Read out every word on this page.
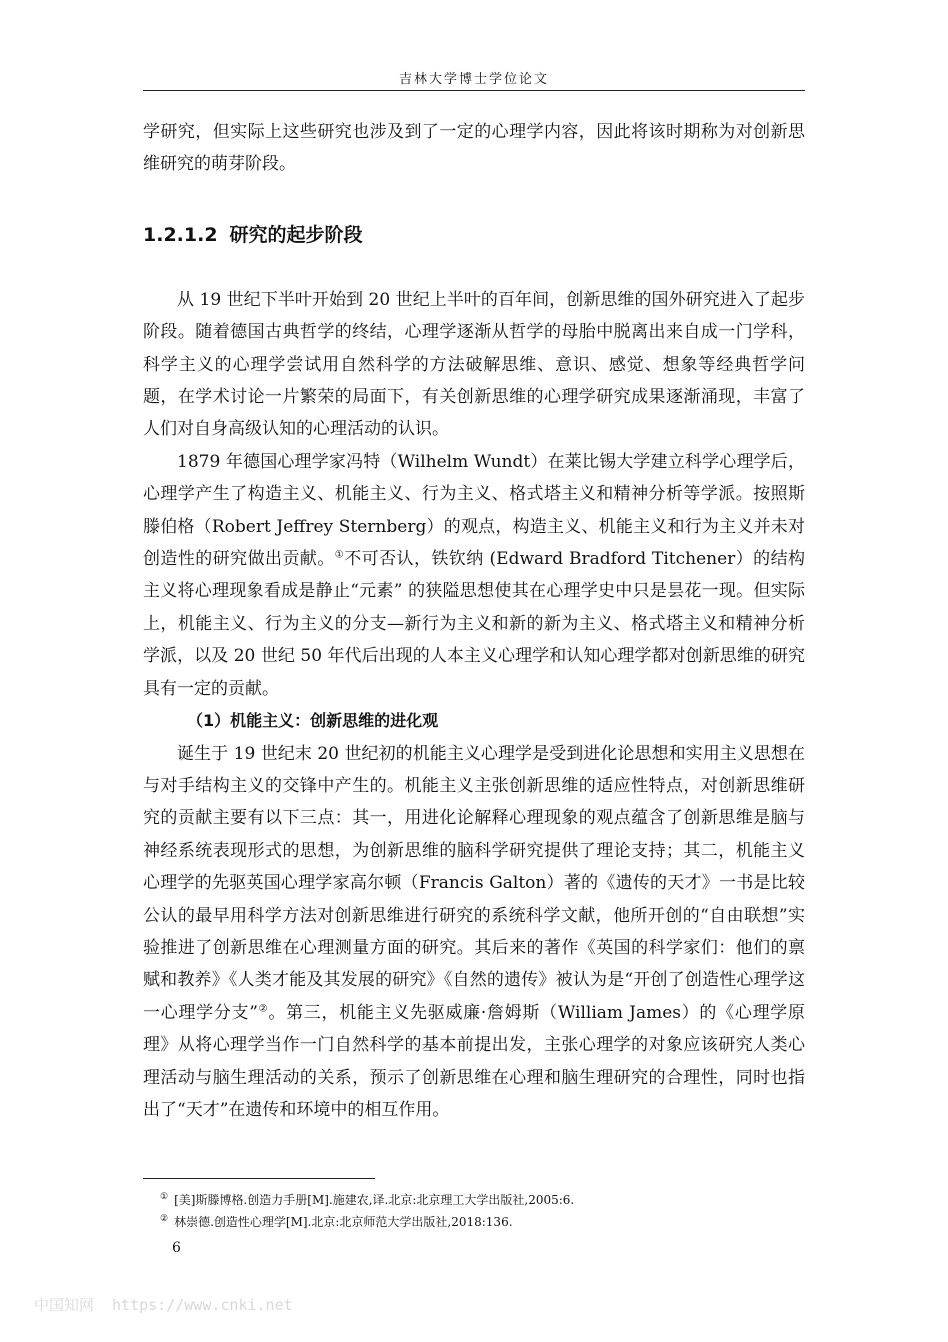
吉林大学博士学位论文

学研究，但实际上这些研究也涉及到了一定的心理学内容，因此将该时期称为对创新思维研究的萌芽阶段。

1.2.1.2 研究的起步阶段

从 19 世纪下半叶开始到 20 世纪上半叶的百年间，创新思维的国外研究进入了起步阶段。随着德国古典哲学的终结，心理学逐渐从哲学的母胎中脱离出来自成一门学科，科学主义的心理学尝试用自然科学的方法破解思维、意识、感觉、想象等经典哲学问题，在学术讨论一片繁荣的局面下，有关创新思维的心理学研究成果逐渐涌现，丰富了人们对自身高级认知的心理活动的认识。

1879 年德国心理学家冯特（Wilhelm Wundt）在莱比锡大学建立科学心理学后，心理学产生了构造主义、机能主义、行为主义、格式塔主义和精神分析等学派。按照斯滕伯格（Robert Jeffrey Sternberg）的观点，构造主义、机能主义和行为主义并未对创造性的研究做出贡献。①不可否认，铁钦纳 (Edward Bradford Titchener）的结构主义将心理现象看成是静止“元素” 的狭隘思想使其在心理学史中只是昙花一现。但实际上，机能主义、行为主义的分支—新行为主义和新的新为主义、格式塔主义和精神分析学派，以及 20 世纪 50 年代后出现的人本主义心理学和认知心理学都对创新思维的研究具有一定的贡献。

（1）机能主义：创新思维的进化观

诞生于 19 世纪末 20 世纪初的机能主义心理学是受到进化论思想和实用主义思想在与对手结构主义的交锋中产生的。机能主义主张创新思维的适应性特点，对创新思维研究的贡献主要有以下三点：其一，用进化论解释心理现象的观点蕴含了创新思维是脑与神经系统表现形式的思想，为创新思维的脑科学研究提供了理论支持；其二，机能主义心理学的先驱英国心理学家高尔顿（Francis Galton）著的《遗传的天才》一书是比较公认的最早用科学方法对创新思维进行研究的系统科学文献，他所开创的“自由联想”实验推进了创新思维在心理测量方面的研究。其后来的著作《英国的科学家们：他们的禀赋和教养》《人类才能及其发展的研究》《自然的遗传》被认为是“开创了创造性心理学这一心理学分支”②。第三，机能主义先驱威廉·詹姆斯（William James）的《心理学原理》从将心理学当作一门自然科学的基本前提出发，主张心理学的对象应该研究人类心理活动与脑生理活动的关系，预示了创新思维在心理和脑生理研究的合理性，同时也指出了“天才”在遗传和环境中的相互作用。

① [美]斯滕博格.创造力手册[M].施建农,译.北京:北京理工大学出版社,2005:6.
② 林崇德.创造性心理学[M].北京:北京师范大学出版社,2018:136.
6
中国知网 https://www.cnki.net
